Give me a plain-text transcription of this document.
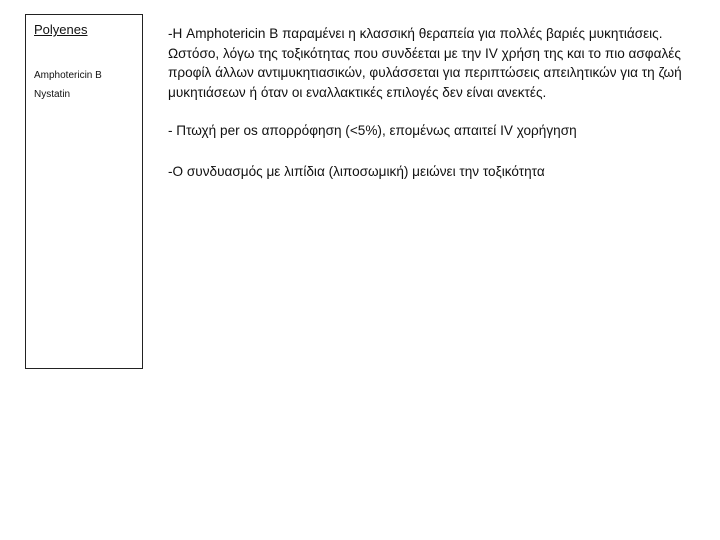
Polyenes
Amphotericin B
Nystatin

-Η Amphotericin B παραμένει η κλασσική θεραπεία για πολλές βαριές μυκητιάσεις. Ωστόσο, λόγω της τοξικότητας που συνδέεται με την IV χρήση της και το πιο ασφαλές προφίλ άλλων αντιμυκητιασικών, φυλάσσεται για περιπτώσεις απειλητικών για τη ζωή μυκητιάσεων ή όταν οι εναλλακτικές επιλογές δεν είναι ανεκτές.

- Πτωχή per os απορρόφηση (<5%), επομένως απαιτεί IV χορήγηση

-Ο συνδυασμός με λιπίδια (λιποσωμική) μειώνει την τοξικότητα
